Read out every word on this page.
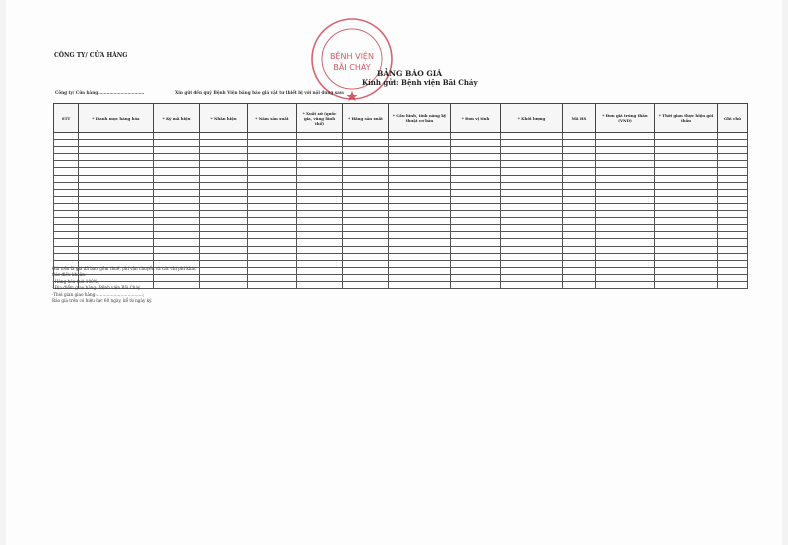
CÔNG TY/ CỬA HÀNG	BỆNH VIỆN
BÃI CHÁY
BẢNG BÁO GIÁ
Kính gửi: Bệnh viện Bãi Cháy
Công ty/ Cửa hàng……………………………	Xin gửi đến quý Bệnh Viện bảng báo giá vật tư thiết bị với nội dung sau:
STT	* Danh mục hàng hóa	* Ký mã hiệu	* Nhãn hiệu	* Năm sản xuất	* Xuất xứ (quốc gia, vùng lãnh thổ)	* Hãng sản xuất	* Cấu hình, tính năng kỹ thuật cơ bản	* Đơn vị tính	* Khối lượng	Mã HS	* Đơn giá trúng thầu (VND)	* Thời gian thực hiện gói thầu	Ghi chú

Giá trên là giá đã bao gồm thuế, phí vận chuyển và các chi phí khác
Các điều khoản:
- Hàng hóa mới 100%;
- Địa điểm giao hàng: Bệnh viện Bãi Cháy
-Thời gian giao hàng:……………………………;
Báo giá trên có hiệu lực 60 ngày, kể từ ngày ký.
